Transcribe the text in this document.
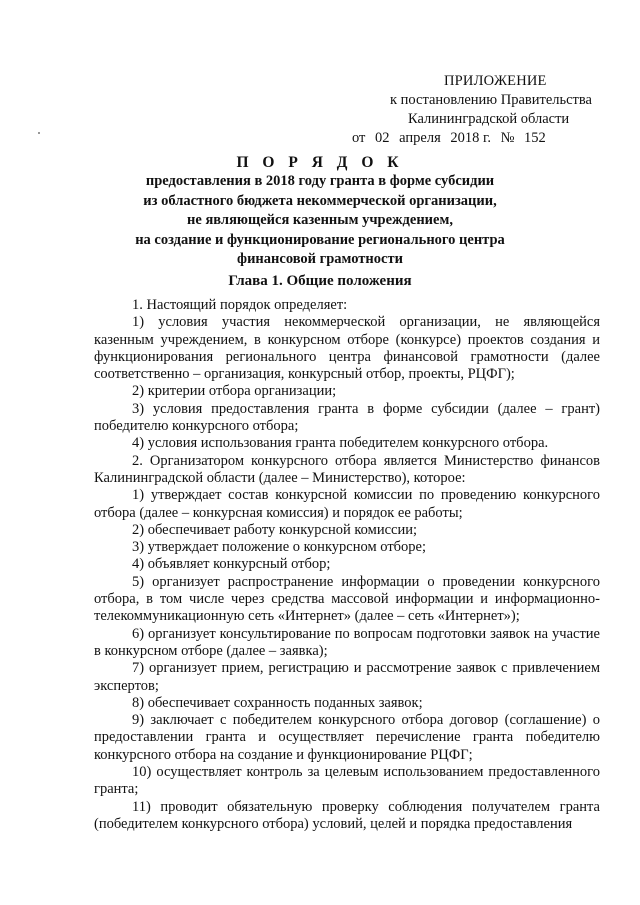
ПРИЛОЖЕНИЕ
к постановлению Правительства
Калининградской области
от 02 апреля 2018 г. № 152
П О Р Я Д О К
предоставления в 2018 году гранта в форме субсидии
из областного бюджета некоммерческой организации,
не являющейся казенным учреждением,
на создание и функционирование регионального центра
финансовой грамотности
Глава 1. Общие положения

1. Настоящий порядок определяет:

1) условия участия некоммерческой организации, не являющейся казенным учреждением, в конкурсном отборе (конкурсе) проектов создания и функционирования регионального центра финансовой грамотности (далее соответственно – организация, конкурсный отбор, проекты, РЦФГ);

2) критерии отбора организации;

3) условия предоставления гранта в форме субсидии (далее – грант) победителю конкурсного отбора;

4) условия использования гранта победителем конкурсного отбора.

2. Организатором конкурсного отбора является Министерство финансов Калининградской области (далее – Министерство), которое:

1) утверждает состав конкурсной комиссии по проведению конкурсного отбора (далее – конкурсная комиссия) и порядок ее работы;

2) обеспечивает работу конкурсной комиссии;

3) утверждает положение о конкурсном отборе;

4) объявляет конкурсный отбор;

5) организует распространение информации о проведении конкурсного отбора, в том числе через средства массовой информации и информационно-телекоммуникационную сеть «Интернет» (далее – сеть «Интернет»);

6) организует консультирование по вопросам подготовки заявок на участие в конкурсном отборе (далее – заявка);

7) организует прием, регистрацию и рассмотрение заявок с привлечением экспертов;

8) обеспечивает сохранность поданных заявок;

9) заключает с победителем конкурсного отбора договор (соглашение) о предоставлении гранта и осуществляет перечисление гранта победителю конкурсного отбора на создание и функционирование РЦФГ;

10) осуществляет контроль за целевым использованием предоставленного гранта;

11) проводит обязательную проверку соблюдения получателем гранта (победителем конкурсного отбора) условий, целей и порядка предоставления
